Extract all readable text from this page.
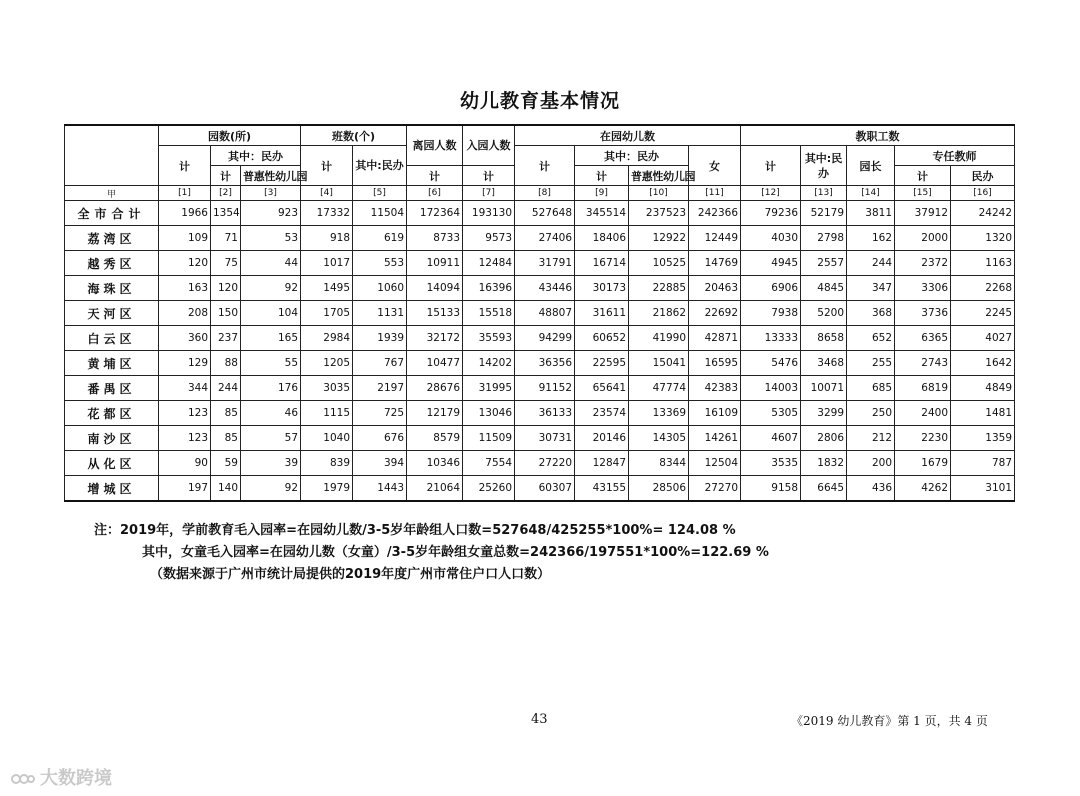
幼儿教育基本情况
	园数(所)			班数(个)		离园人数	入园人数	在园幼儿数				教职工数				
	计	其中：民办		计	其中:民办			计	其中：民办		女	计	其中:民办	园长	专任教师	
		计	普惠性幼儿园			计	计		计	普惠性幼儿园					计	民办
甲	[1]	[2]	[3]	[4]	[5]	[6]	[7]	[8]	[9]	[10]	[11]	[12]	[13]	[14]	[15]	[16]
全市合计	1966	1354	923	17332	11504	172364	193130	527648	345514	237523	242366	79236	52179	3811	37912	24242
荔湾区	109	71	53	918	619	8733	9573	27406	18406	12922	12449	4030	2798	162	2000	1320
越秀区	120	75	44	1017	553	10911	12484	31791	16714	10525	14769	4945	2557	244	2372	1163
海珠区	163	120	92	1495	1060	14094	16396	43446	30173	22885	20463	6906	4845	347	3306	2268
天河区	208	150	104	1705	1131	15133	15518	48807	31611	21862	22692	7938	5200	368	3736	2245
白云区	360	237	165	2984	1939	32172	35593	94299	60652	41990	42871	13333	8658	652	6365	4027
黄埔区	129	88	55	1205	767	10477	14202	36356	22595	15041	16595	5476	3468	255	2743	1642
番禺区	344	244	176	3035	2197	28676	31995	91152	65641	47774	42383	14003	10071	685	6819	4849
花都区	123	85	46	1115	725	12179	13046	36133	23574	13369	16109	5305	3299	250	2400	1481
南沙区	123	85	57	1040	676	8579	11509	30731	20146	14305	14261	4607	2806	212	2230	1359
从化区	90	59	39	839	394	10346	7554	27220	12847	8344	12504	3535	1832	200	1679	787
增城区	197	140	92	1979	1443	21064	25260	60307	43155	28506	27270	9158	6645	436	4262	3101
注：2019年，学前教育毛入园率=在园幼儿数/3-5岁年龄组人口数=527648/425255*100%= 124.08 %
其中，女童毛入园率=在园幼儿数（女童）/3-5岁年龄组女童总数=242366/197551*100%=122.69 %
（数据来源于广州市统计局提供的2019年度广州市常住户口人口数）
43	《2019 幼儿教育》第 1 页，共 4 页
大数跨境
